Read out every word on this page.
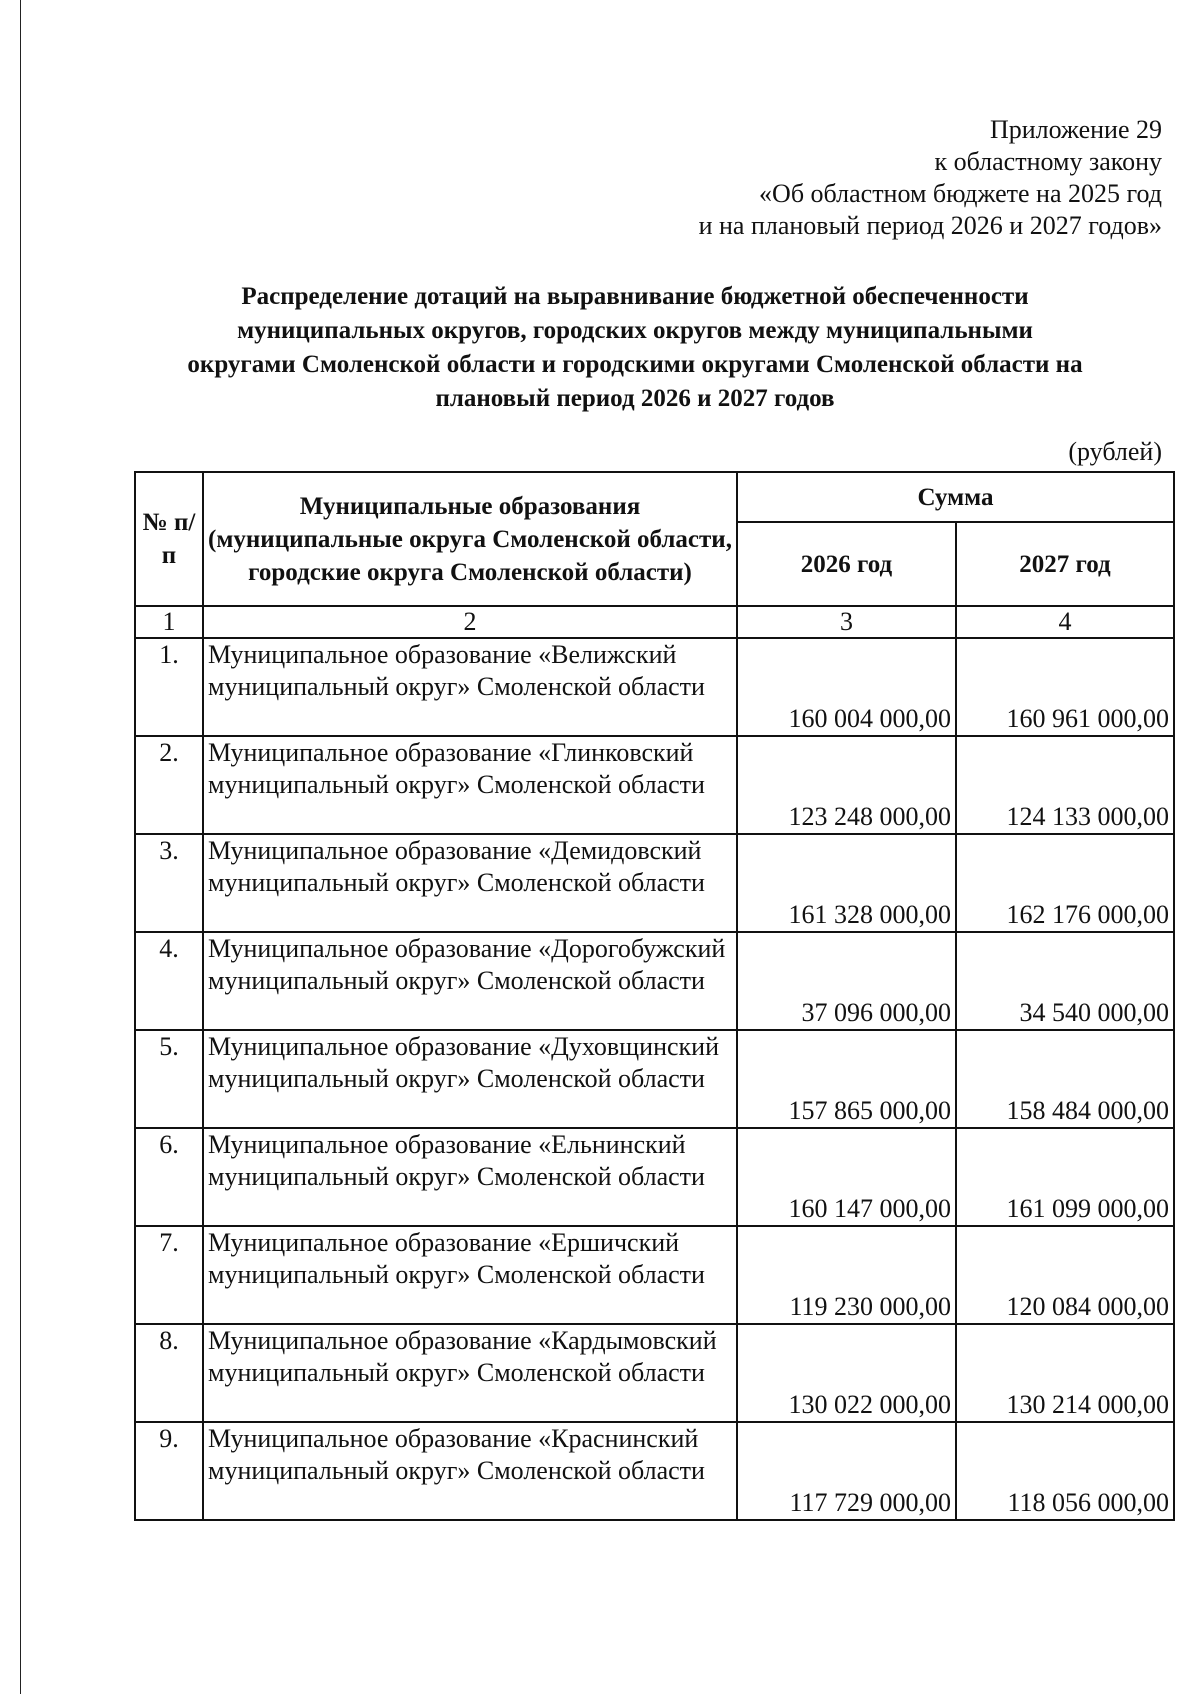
Приложение 29
к областному закону
«Об областном бюджете на 2025 год
и на плановый период 2026 и 2027 годов»
Распределение дотаций на выравнивание бюджетной обеспеченности
муниципальных округов, городских округов между муниципальными
округами Смоленской области и городскими округами Смоленской области на
плановый период 2026 и 2027 годов
(рублей)
№ п/п	Муниципальные образования (муниципальные округа Смоленской области, городские округа Смоленской области)	Сумма	
		2026 год	2027 год
1	2	3	4
1.	Муниципальное образование «Велижский муниципальный округ» Смоленской области	160 004 000,00	160 961 000,00
2.	Муниципальное образование «Глинковский муниципальный округ» Смоленской области	123 248 000,00	124 133 000,00
3.	Муниципальное образование «Демидовский муниципальный округ» Смоленской области	161 328 000,00	162 176 000,00
4.	Муниципальное образование «Дорогобужский муниципальный округ» Смоленской области	37 096 000,00	34 540 000,00
5.	Муниципальное образование «Духовщинский муниципальный округ» Смоленской области	157 865 000,00	158 484 000,00
6.	Муниципальное образование «Ельнинский муниципальный округ» Смоленской области	160 147 000,00	161 099 000,00
7.	Муниципальное образование «Ершичский муниципальный округ» Смоленской области	119 230 000,00	120 084 000,00
8.	Муниципальное образование «Кардымовский муниципальный округ» Смоленской области	130 022 000,00	130 214 000,00
9.	Муниципальное образование «Краснинский муниципальный округ» Смоленской области	117 729 000,00	118 056 000,00
